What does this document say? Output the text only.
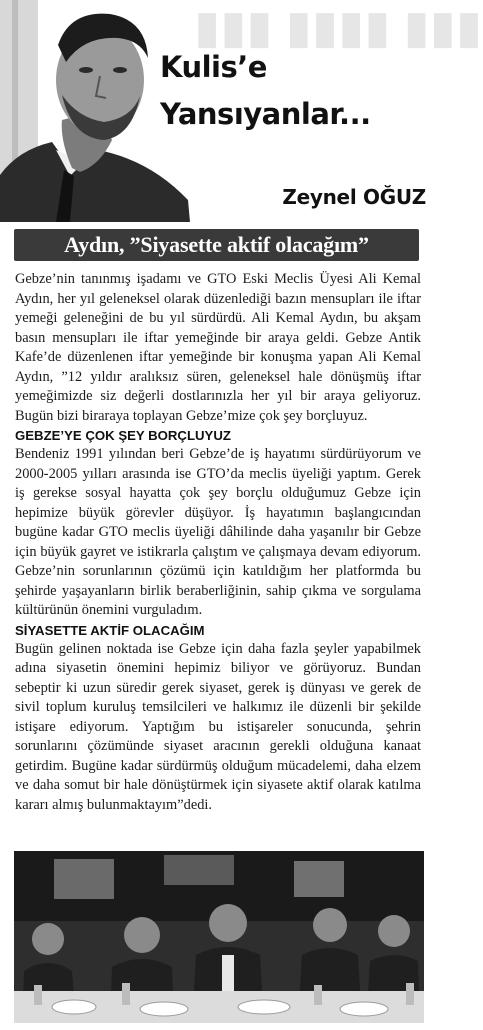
▮▮▮ ▮▮▮▮ ▮▮▮
Kulis’e
Yansıyanlar...
Zeynel OĞUZ
Aydın, ”Siyasette aktif olacağım”

Gebze’nin tanınmış işadamı ve GTO Eski Meclis Üyesi Ali Kemal Aydın, her yıl geleneksel olarak düzenlediği bazın mensupları ile iftar yemeği geleneğini de bu yıl sürdürdü. Ali Kemal Aydın, bu akşam basın mensupları ile iftar yemeğinde bir araya geldi. Gebze Antik Kafe’de düzenlenen iftar yemeğinde bir konuşma yapan Ali Kemal Aydın, ”12 yıldır aralıksız süren, geleneksel hale dönüşmüş iftar yemeğimizde siz değerli dostlarınızla her yıl bir araya geliyoruz. Bugün bizi biraraya toplayan Gebze’mize çok şey borçluyuz.

GEBZE’YE ÇOK ŞEY BORÇLUYUZ

Bendeniz 1991 yılından beri Gebze’de iş hayatımı sürdürüyorum ve 2000-2005 yılları arasında ise GTO’da meclis üyeliği yaptım. Gerek iş gerekse sosyal hayatta çok şey borçlu olduğumuz Gebze için hepimize büyük görevler düşüyor. İş hayatımın başlangıcından bugüne kadar GTO meclis üyeliği dâhilinde daha yaşanılır bir Gebze için büyük gayret ve istikrarla çalıştım ve çalışmaya devam ediyorum. Gebze’nin sorunlarının çözümü için katıldığım her platformda bu şehirde yaşayanların birlik beraberliğinin, sahip çıkma ve sorgulama kültürünün önemini vurguladım.

SİYASETTE AKTİF OLACAĞIM

Bugün gelinen noktada ise Gebze için daha fazla şeyler yapabilmek adına siyasetin önemini hepimiz biliyor ve görüyoruz. Bundan sebeptir ki uzun süredir gerek siyaset, gerek iş dünyası ve gerek de sivil toplum kuruluş temsilcileri ve halkımız ile düzenli bir şekilde istişare ediyorum. Yaptığım bu istişareler sonucunda, şehrin sorunlarını çözümünde siyaset aracının gerekli olduğuna kanaat getirdim. Bugüne kadar sürdürmüş olduğum mücadelemi, daha elzem ve daha somut bir hale dönüştürmek için siyasete aktif olarak katılma kararı almış bulunmaktayım”dedi.
